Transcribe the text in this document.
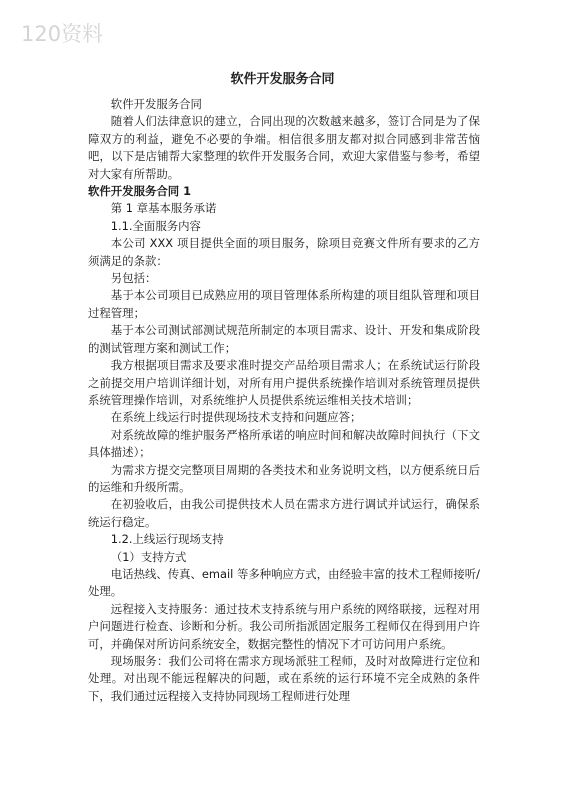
120资料
软件开发服务合同

软件开发服务合同

随着人们法律意识的建立，合同出现的次数越来越多，签订合同是为了保障双方的利益，避免不必要的争端。相信很多朋友都对拟合同感到非常苦恼吧，以下是店铺帮大家整理的软件开发服务合同，欢迎大家借鉴与参考，希望对大家有所帮助。

软件开发服务合同 1

第 1 章基本服务承诺

1.1.全面服务内容

本公司 XXX 项目提供全面的项目服务，除项目竞赛文件所有要求的乙方须满足的条款：

另包括：

基于本公司项目已成熟应用的项目管理体系所构建的项目组队管理和项目过程管理；

基于本公司测试部测试规范所制定的本项目需求、设计、开发和集成阶段的测试管理方案和测试工作；

我方根据项目需求及要求准时提交产品给项目需求人；在系统试运行阶段之前提交用户培训详细计划，对所有用户提供系统操作培训对系统管理员提供系统管理操作培训，对系统维护人员提供系统运维相关技术培训；

在系统上线运行时提供现场技术支持和问题应答；

对系统故障的维护服务严格所承诺的响应时间和解决故障时间执行（下文具体描述）；

为需求方提交完整项目周期的各类技术和业务说明文档，以方便系统日后的运维和升级所需。

在初验收后，由我公司提供技术人员在需求方进行调试并试运行，确保系统运行稳定。

1.2.上线运行现场支持

（1）支持方式

电话热线、传真、email 等多种响应方式，由经验丰富的技术工程师接听/处理。

远程接入支持服务：通过技术支持系统与用户系统的网络联接，远程对用户问题进行检查、诊断和分析。我公司所指派固定服务工程师仅在得到用户许可，并确保对所访问系统安全，数据完整性的情况下才可访问用户系统。

现场服务：我们公司将在需求方现场派驻工程师，及时对故障进行定位和处理。对出现不能远程解决的问题，或在系统的运行环境不完全成熟的条件下，我们通过远程接入支持协同现场工程师进行处理
